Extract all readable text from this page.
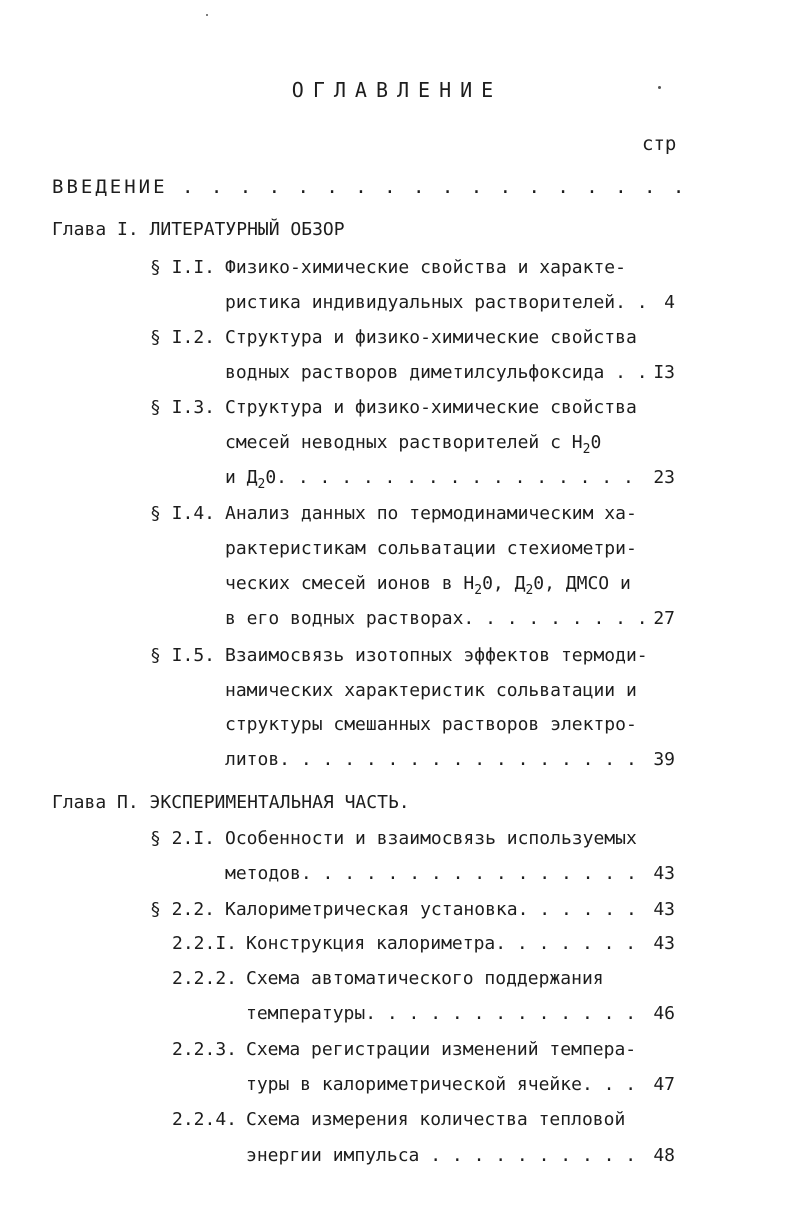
ОГЛАВЛЕНИЕ
стр
ВВЕДЕНИЕ . . . . . . . . . . . . . . . . . .
Глава I. ЛИТЕРАТУРНЫЙ ОБЗОР
§ I.I. Физико-химические свойства и характе-
ристика индивидуальных растворителей. . 4
§ I.2. Структура и физико-химические свойства
водных растворов диметилсульфоксида . . I3
§ I.3. Структура и физико-химические свойства
смесей неводных растворителей с $Н_20$
и $Д_20$. . . . . . . . . . . . . . . . .	23
§ I.4. Анализ данных по термодинамическим ха-
рактеристикам сольватации стехиометри-
ческих смесей ионов в $Н_20$, $Д_20$, ДМСО и
в его водных растворах. . . . . . . . . 27
§ I.5. Взаимосвязь изотопных эффектов термоди-
намических характеристик сольватации и
структуры смешанных растворов электро-
литов. . . . . . . . . . . . . . . . . 39
Глава П. ЭКСПЕРИМЕНТАЛЬНАЯ ЧАСТЬ.
§ 2.I. Особенности и взаимосвязь используемых
методов. . . . . . . . . . . . . . . . 43
§ 2.2. Калориметрическая установка. . . . . . 43
2.2.I. Конструкция калориметра. . . . . . . 43
2.2.2. Схема автоматического поддержания
температуры. . . . . . . . . . . . . 46
2.2.3. Схема регистрации изменений темпера-
туры в калориметрической ячейке. . . 47
2.2.4. Схема измерения количества тепловой
энергии импульса . . . . . . . . . . 48
